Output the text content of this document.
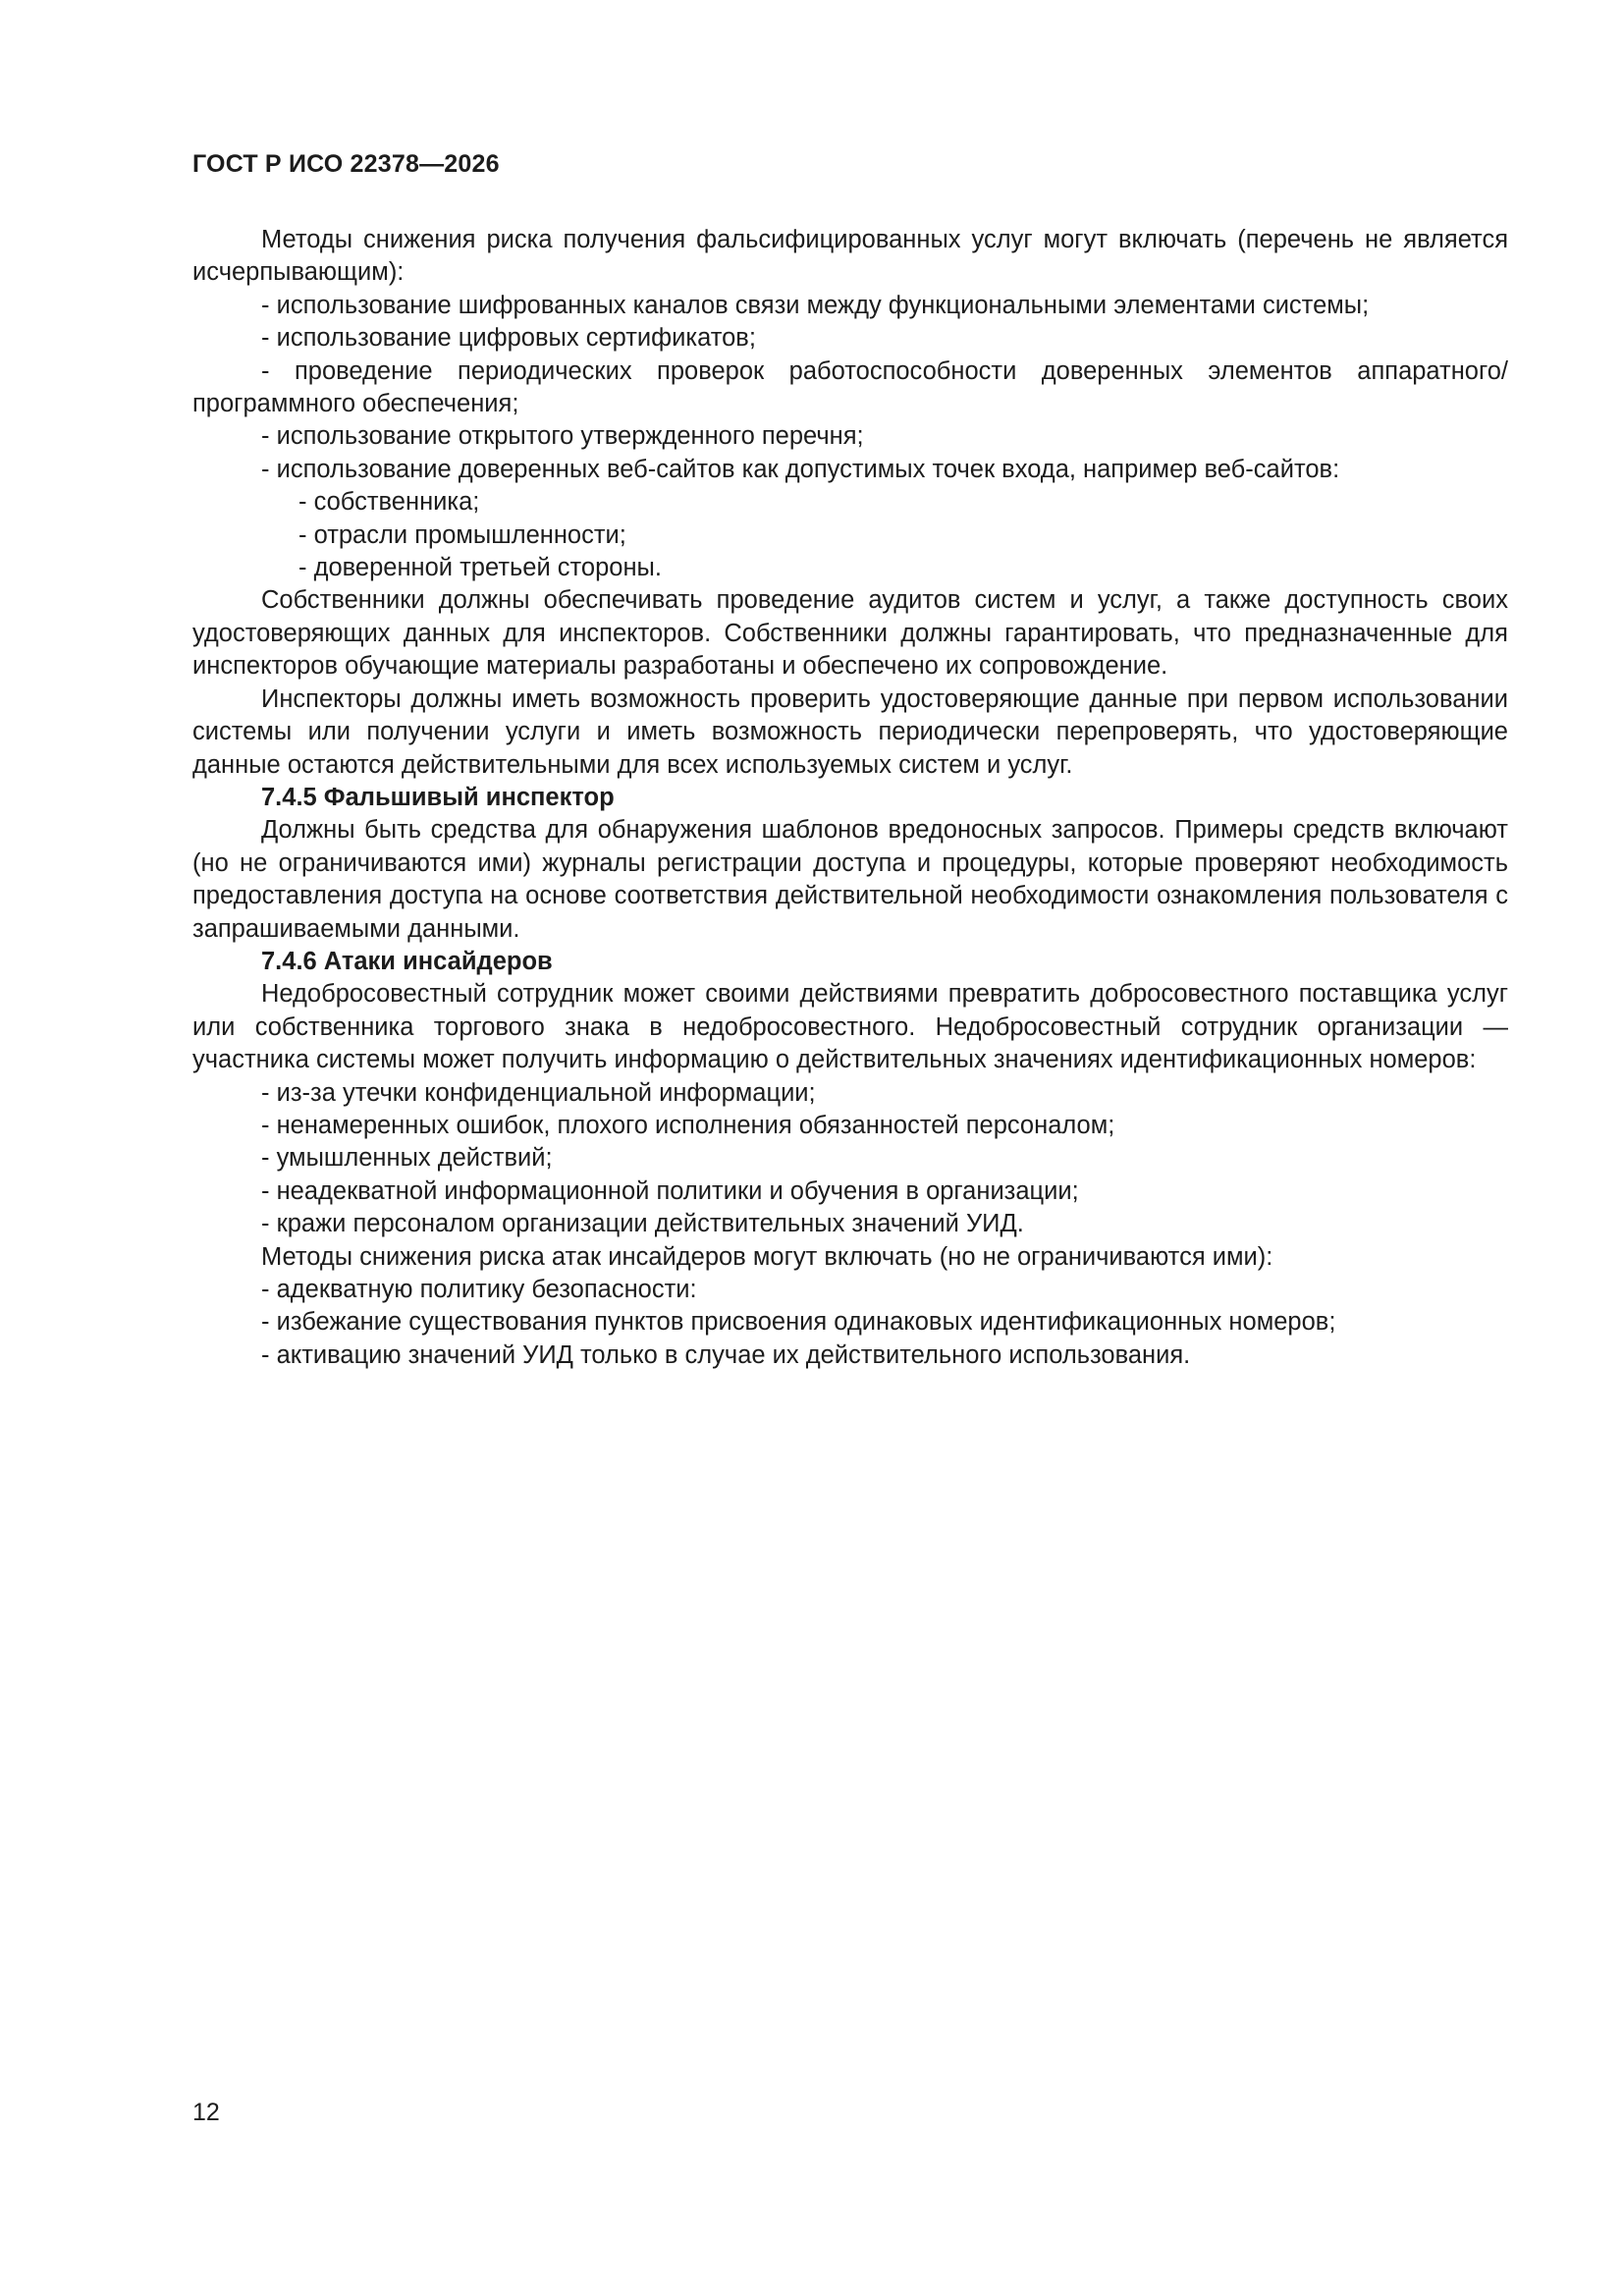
ГОСТ Р ИСО 22378—2026

Методы снижения риска получения фальсифицированных услуг могут включать (перечень не является исчерпывающим):

- использование шифрованных каналов связи между функциональными элементами системы;

- использование цифровых сертификатов;

- проведение периодических проверок работоспособности доверенных элементов аппаратного/программного обеспечения;

- использование открытого утвержденного перечня;

- использование доверенных веб-сайтов как допустимых точек входа, например веб-сайтов:

- собственника;

- отрасли промышленности;

- доверенной третьей стороны.

Собственники должны обеспечивать проведение аудитов систем и услуг, а также доступность своих удостоверяющих данных для инспекторов. Собственники должны гарантировать, что предназначенные для инспекторов обучающие материалы разработаны и обеспечено их сопровождение.

Инспекторы должны иметь возможность проверить удостоверяющие данные при первом использовании системы или получении услуги и иметь возможность периодически перепроверять, что удостоверяющие данные остаются действительными для всех используемых систем и услуг.

7.4.5 Фальшивый инспектор

Должны быть средства для обнаружения шаблонов вредоносных запросов. Примеры средств включают (но не ограничиваются ими) журналы регистрации доступа и процедуры, которые проверяют необходимость предоставления доступа на основе соответствия действительной необходимости ознакомления пользователя с запрашиваемыми данными.

7.4.6 Атаки инсайдеров

Недобросовестный сотрудник может своими действиями превратить добросовестного поставщика услуг или собственника торгового знака в недобросовестного. Недобросовестный сотрудник организации — участника системы может получить информацию о действительных значениях идентификационных номеров:

- из-за утечки конфиденциальной информации;

- ненамеренных ошибок, плохого исполнения обязанностей персоналом;

- умышленных действий;

- неадекватной информационной политики и обучения в организации;

- кражи персоналом организации действительных значений УИД.

Методы снижения риска атак инсайдеров могут включать (но не ограничиваются ими):

- адекватную политику безопасности:

- избежание существования пунктов присвоения одинаковых идентификационных номеров;

- активацию значений УИД только в случае их действительного использования.

12
